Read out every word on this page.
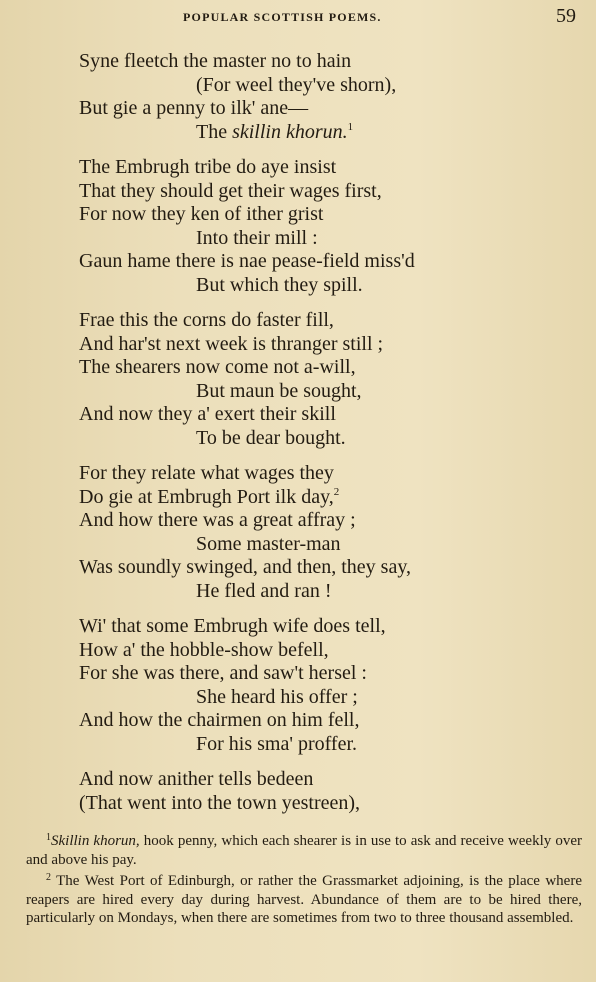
POPULAR SCOTTISH POEMS.	59
Syne fleetch the master no to hain
(For weel they've shorn),
But gie a penny to ilk' ane—
The skillin khorun.$^1$
The Embrugh tribe do aye insist
That they should get their wages first,
For now they ken of ither grist
Into their mill :
Gaun hame there is nae pease-field miss'd
But which they spill.
Frae this the corns do faster fill,
And har'st next week is thranger still ;
The shearers now come not a-will,
But maun be sought,
And now they a' exert their skill
To be dear bought.
For they relate what wages they
Do gie at Embrugh Port ilk day,$^2$
And how there was a great affray ;
Some master-man
Was soundly swinged, and then, they say,
He fled and ran !
Wi' that some Embrugh wife does tell,
How a' the hobble-show befell,
For she was there, and saw't hersel :
She heard his offer ;
And how the chairmen on him fell,
For his sma' proffer.
And now anither tells bedeen
(That went into the town yestreen),

$^1$Skillin khorun, hook penny, which each shearer is in use to ask and receive weekly over and above his pay.

$^2$ The West Port of Edinburgh, or rather the Grassmarket adjoining, is the place where reapers are hired every day during harvest. Abundance of them are to be hired there, particularly on Mondays, when there are sometimes from two to three thousand assembled.
